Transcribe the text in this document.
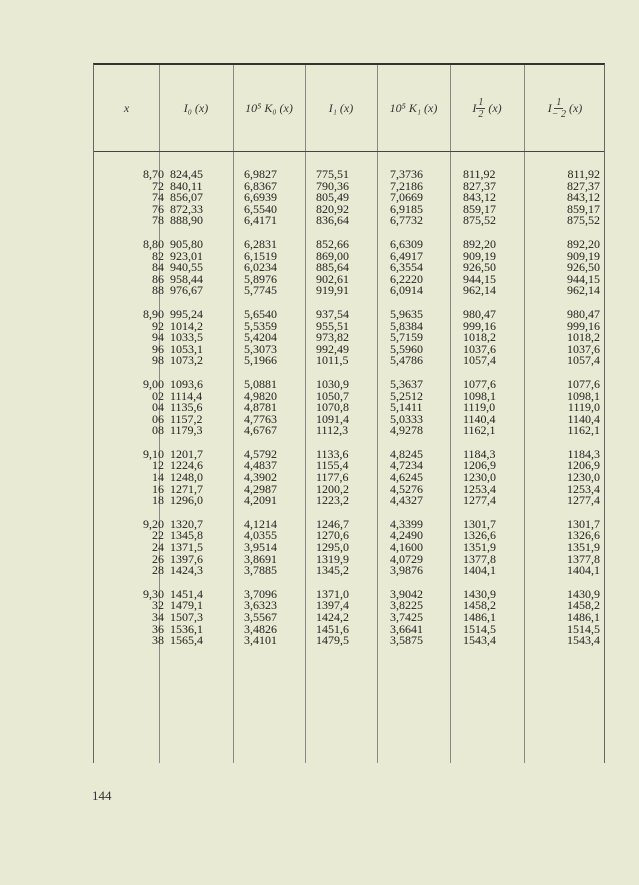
x	I₀ (x)	10⁵ K₀ (x)	I₁ (x)	10⁵ K₁ (x)	I $\frac{1}{2} (x)$	I $\frac{1}{- 2} (x)$
8,70 824,45	6,9827	775,51	7,3736	811,92	811,92
72 840,11	6,8367	790,36	7,2186	827,37	827,37
74 856,07	6,6939	805,49	7,0669	843,12	843,12
76 872,33	6,5540	820,92	6,9185	859,17	859,17
78 888,90	6,4171	836,64	6,7732	875,52	875,52
8,80 905,80	6,2831	852,66	6,6309	892,20	892,20
82 923,01	6,1519	869,00	6,4917	909,19	909,19
84 940,55	6,0234	885,64	6,3554	926,50	926,50
86 958,44	5,8976	902,61	6,2220	944,15	944,15
88 976,67	5,7745	919,91	6,0914	962,14	962,14
8,90 995,24	5,6540	937,54	5,9635	980,47	980,47
92 1014,2	5,5359	955,51	5,8384	999,16	999,16
94 1033,5	5,4204	973,82	5,7159	1018,2	1018,2
96 1053,1	5,3073	992,49	5,5960	1037,6	1037,6
98 1073,2	5,1966	1011,5	5,4786	1057,4	1057,4
9,00 1093,6	5,0881	1030,9	5,3637	1077,6	1077,6
02 1114,4	4,9820	1050,7	5,2512	1098,1	1098,1
04 1135,6	4,8781	1070,8	5,1411	1119,0	1119,0
06 1157,2	4,7763	1091,4	5,0333	1140,4	1140,4
08 1179,3	4,6767	1112,3	4,9278	1162,1	1162,1
9,10 1201,7	4,5792	1133,6	4,8245	1184,3	1184,3
12 1224,6	4,4837	1155,4	4,7234	1206,9	1206,9
14 1248,0	4,3902	1177,6	4,6245	1230,0	1230,0
16 1271,7	4,2987	1200,2	4,5276	1253,4	1253,4
18 1296,0	4,2091	1223,2	4,4327	1277,4	1277,4
9,20 1320,7	4,1214	1246,7	4,3399	1301,7	1301,7
22 1345,8	4,0355	1270,6	4,2490	1326,6	1326,6
24 1371,5	3,9514	1295,0	4,1600	1351,9	1351,9
26 1397,6	3,8691	1319,9	4,0729	1377,8	1377,8
28 1424,3	3,7885	1345,2	3,9876	1404,1	1404,1
9,30 1451,4	3,7096	1371,0	3,9042	1430,9	1430,9
32 1479,1	3,6323	1397,4	3,8225	1458,2	1458,2
34 1507,3	3,5567	1424,2	3,7425	1486,1	1486,1
36 1536,1	3,4826	1451,6	3,6641	1514,5	1514,5
38 1565,4	3,4101	1479,5	3,5875	1543,4	1543,4
144
